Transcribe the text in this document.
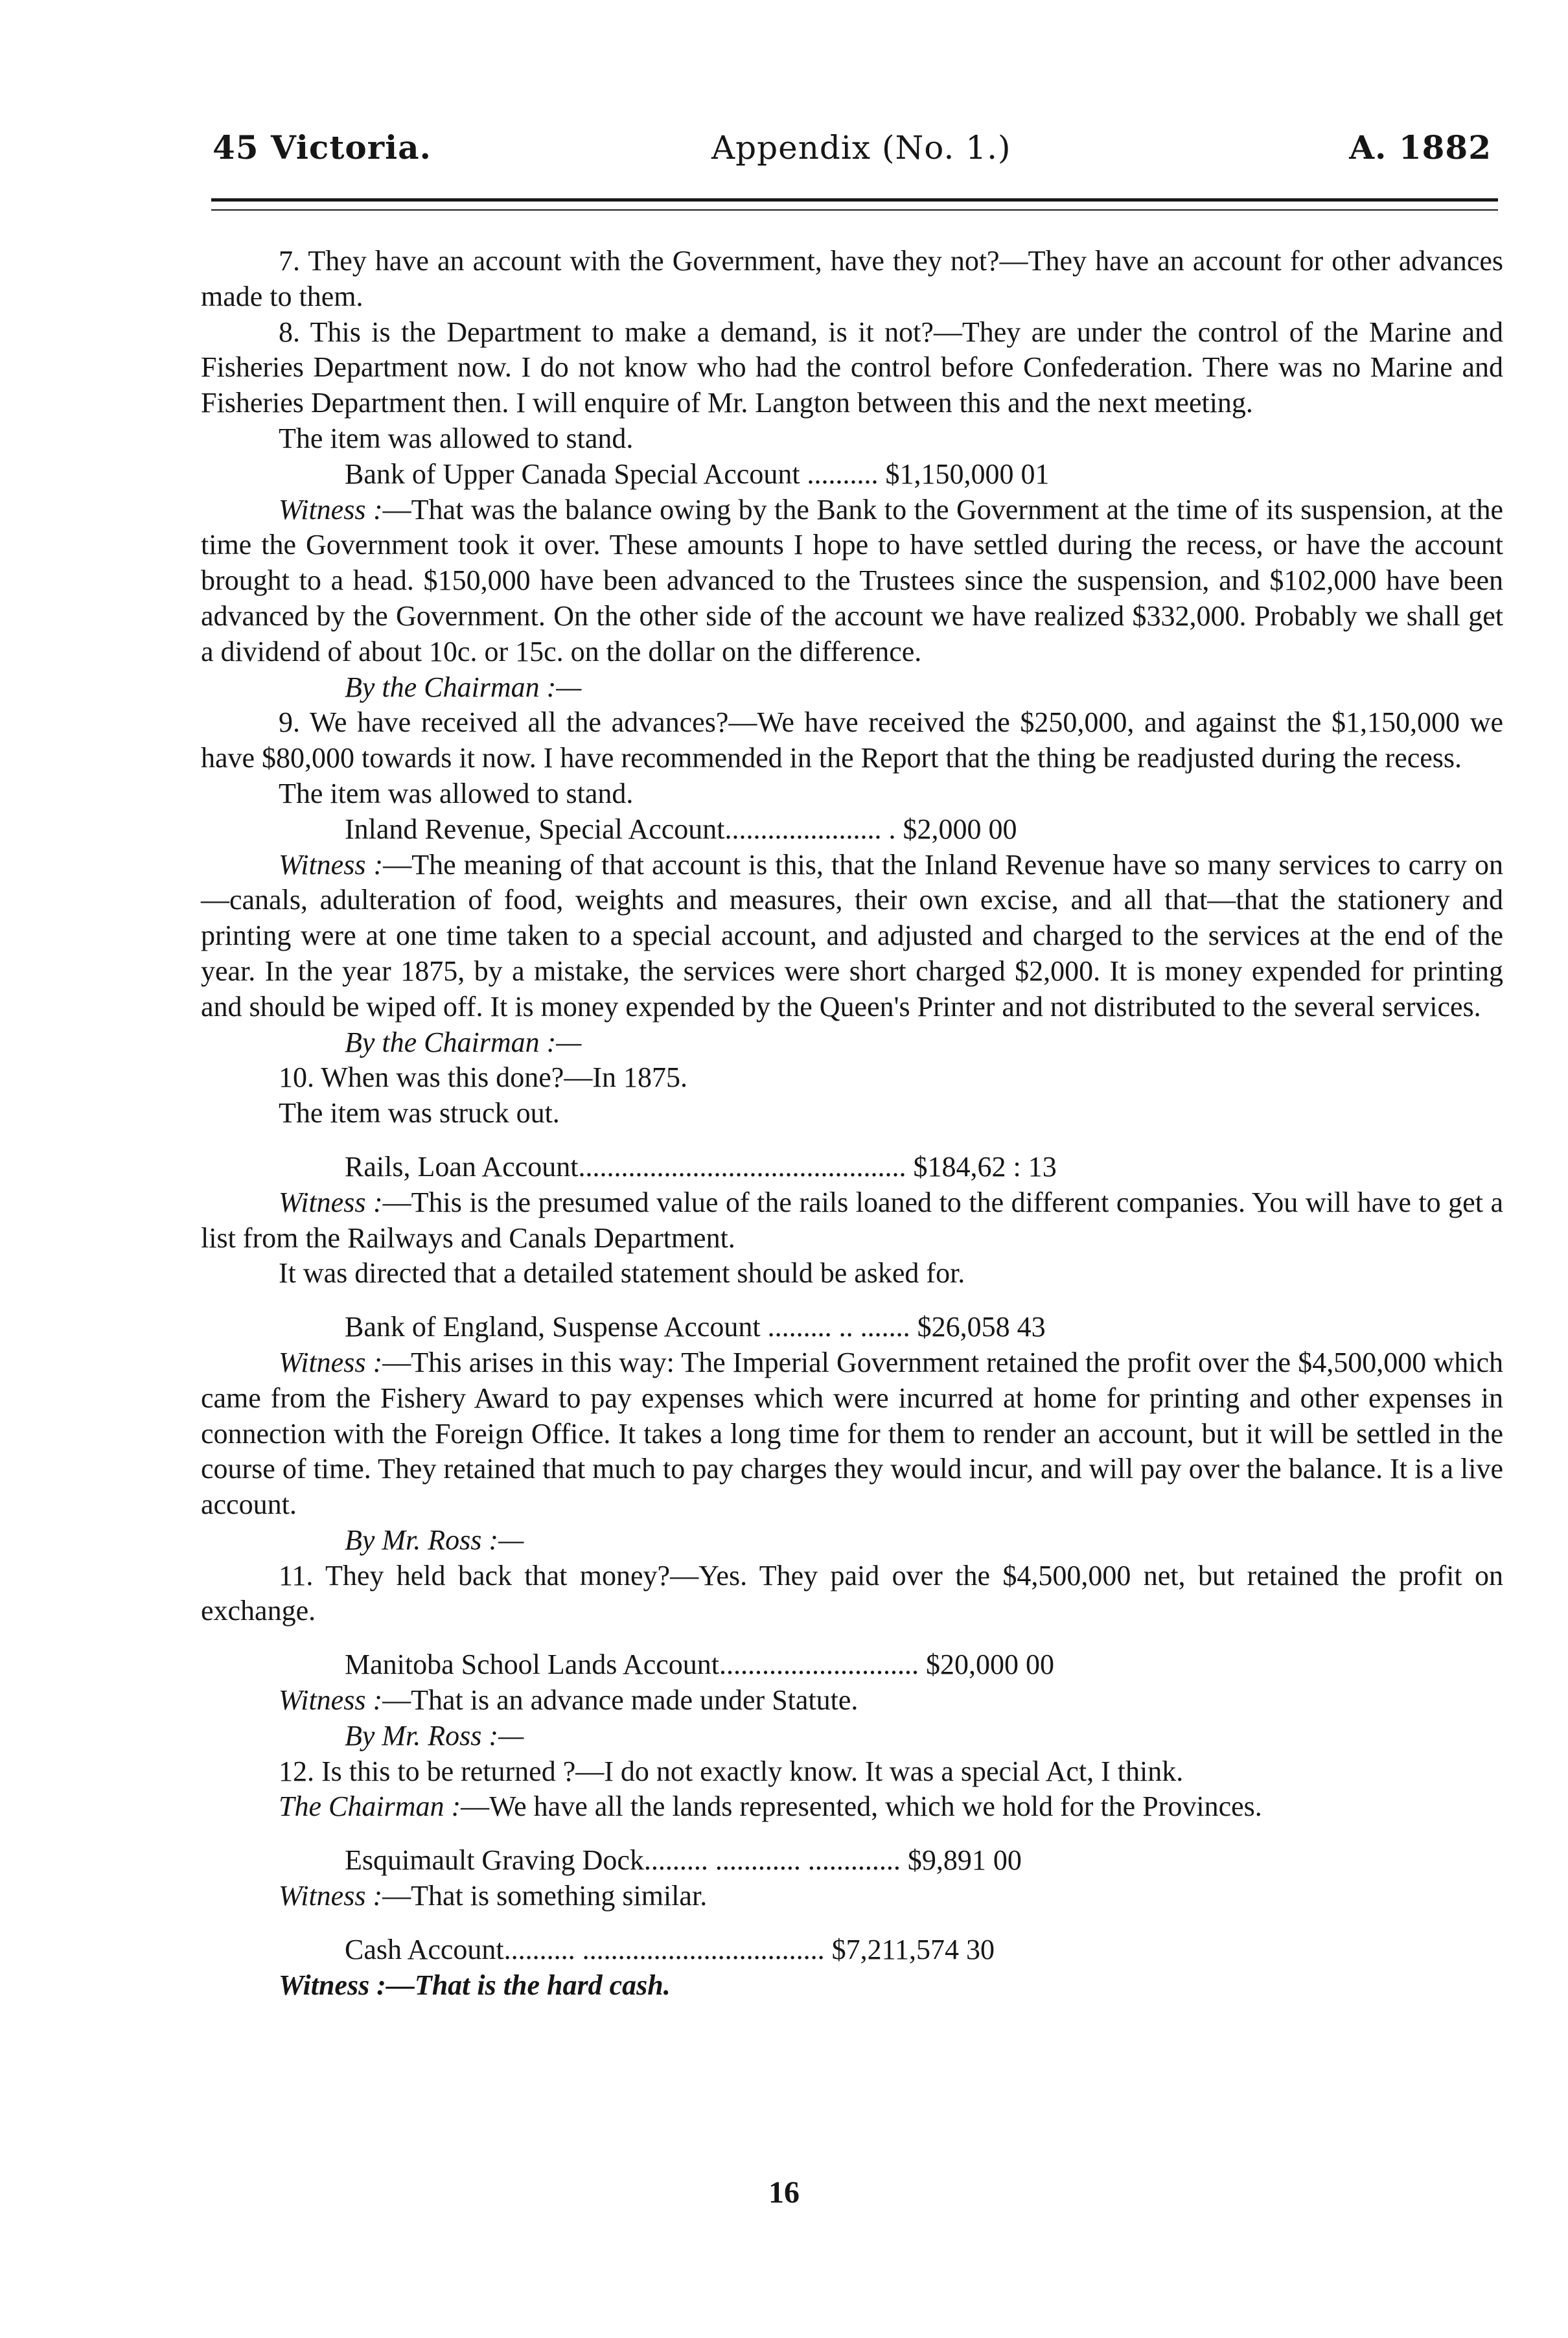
45 Victoria.	Appendix (No. 1.)	A. 1882

7. They have an account with the Government, have they not?—They have an account for other advances made to them.

8. This is the Department to make a demand, is it not?—They are under the control of the Marine and Fisheries Department now. I do not know who had the control before Confederation. There was no Marine and Fisheries Department then. I will enquire of Mr. Langton between this and the next meeting.

The item was allowed to stand.

Bank of Upper Canada Special Account .......... $1,150,000 01

Witness :—That was the balance owing by the Bank to the Government at the time of its suspension, at the time the Government took it over. These amounts I hope to have settled during the recess, or have the account brought to a head. $150,000 have been advanced to the Trustees since the suspension, and $102,000 have been advanced by the Government. On the other side of the account we have realized $332,000. Probably we shall get a dividend of about 10c. or 15c. on the dollar on the difference.

By the Chairman :—

9. We have received all the advances?—We have received the $250,000, and against the $1,150,000 we have $80,000 towards it now. I have recommended in the Report that the thing be readjusted during the recess.

The item was allowed to stand.

Inland Revenue, Special Account...................... . $2,000 00

Witness :—The meaning of that account is this, that the Inland Revenue have so many services to carry on—canals, adulteration of food, weights and measures, their own excise, and all that—that the stationery and printing were at one time taken to a special account, and adjusted and charged to the services at the end of the year. In the year 1875, by a mistake, the services were short charged $2,000. It is money expended for printing and should be wiped off. It is money expended by the Queen's Printer and not distributed to the several services.

By the Chairman :—

10. When was this done?—In 1875.

The item was struck out.

Rails, Loan Account.............................................. $184,62 : 13

Witness :—This is the presumed value of the rails loaned to the different companies. You will have to get a list from the Railways and Canals Department.

It was directed that a detailed statement should be asked for.

Bank of England, Suspense Account ......... .. ....... $26,058 43

Witness :—This arises in this way: The Imperial Government retained the profit over the $4,500,000 which came from the Fishery Award to pay expenses which were incurred at home for printing and other expenses in connection with the Foreign Office. It takes a long time for them to render an account, but it will be settled in the course of time. They retained that much to pay charges they would incur, and will pay over the balance. It is a live account.

By Mr. Ross :—

11. They held back that money?—Yes. They paid over the $4,500,000 net, but retained the profit on exchange.

Manitoba School Lands Account............................ $20,000 00

Witness :—That is an advance made under Statute.

By Mr. Ross :—

12. Is this to be returned ?—I do not exactly know. It was a special Act, I think.

The Chairman :—We have all the lands represented, which we hold for the Provinces.

Esquimault Graving Dock......... ............ ............. $9,891 00

Witness :—That is something similar.

Cash Account.......... .................................. $7,211,574 30

Witness :—That is the hard cash.

16
